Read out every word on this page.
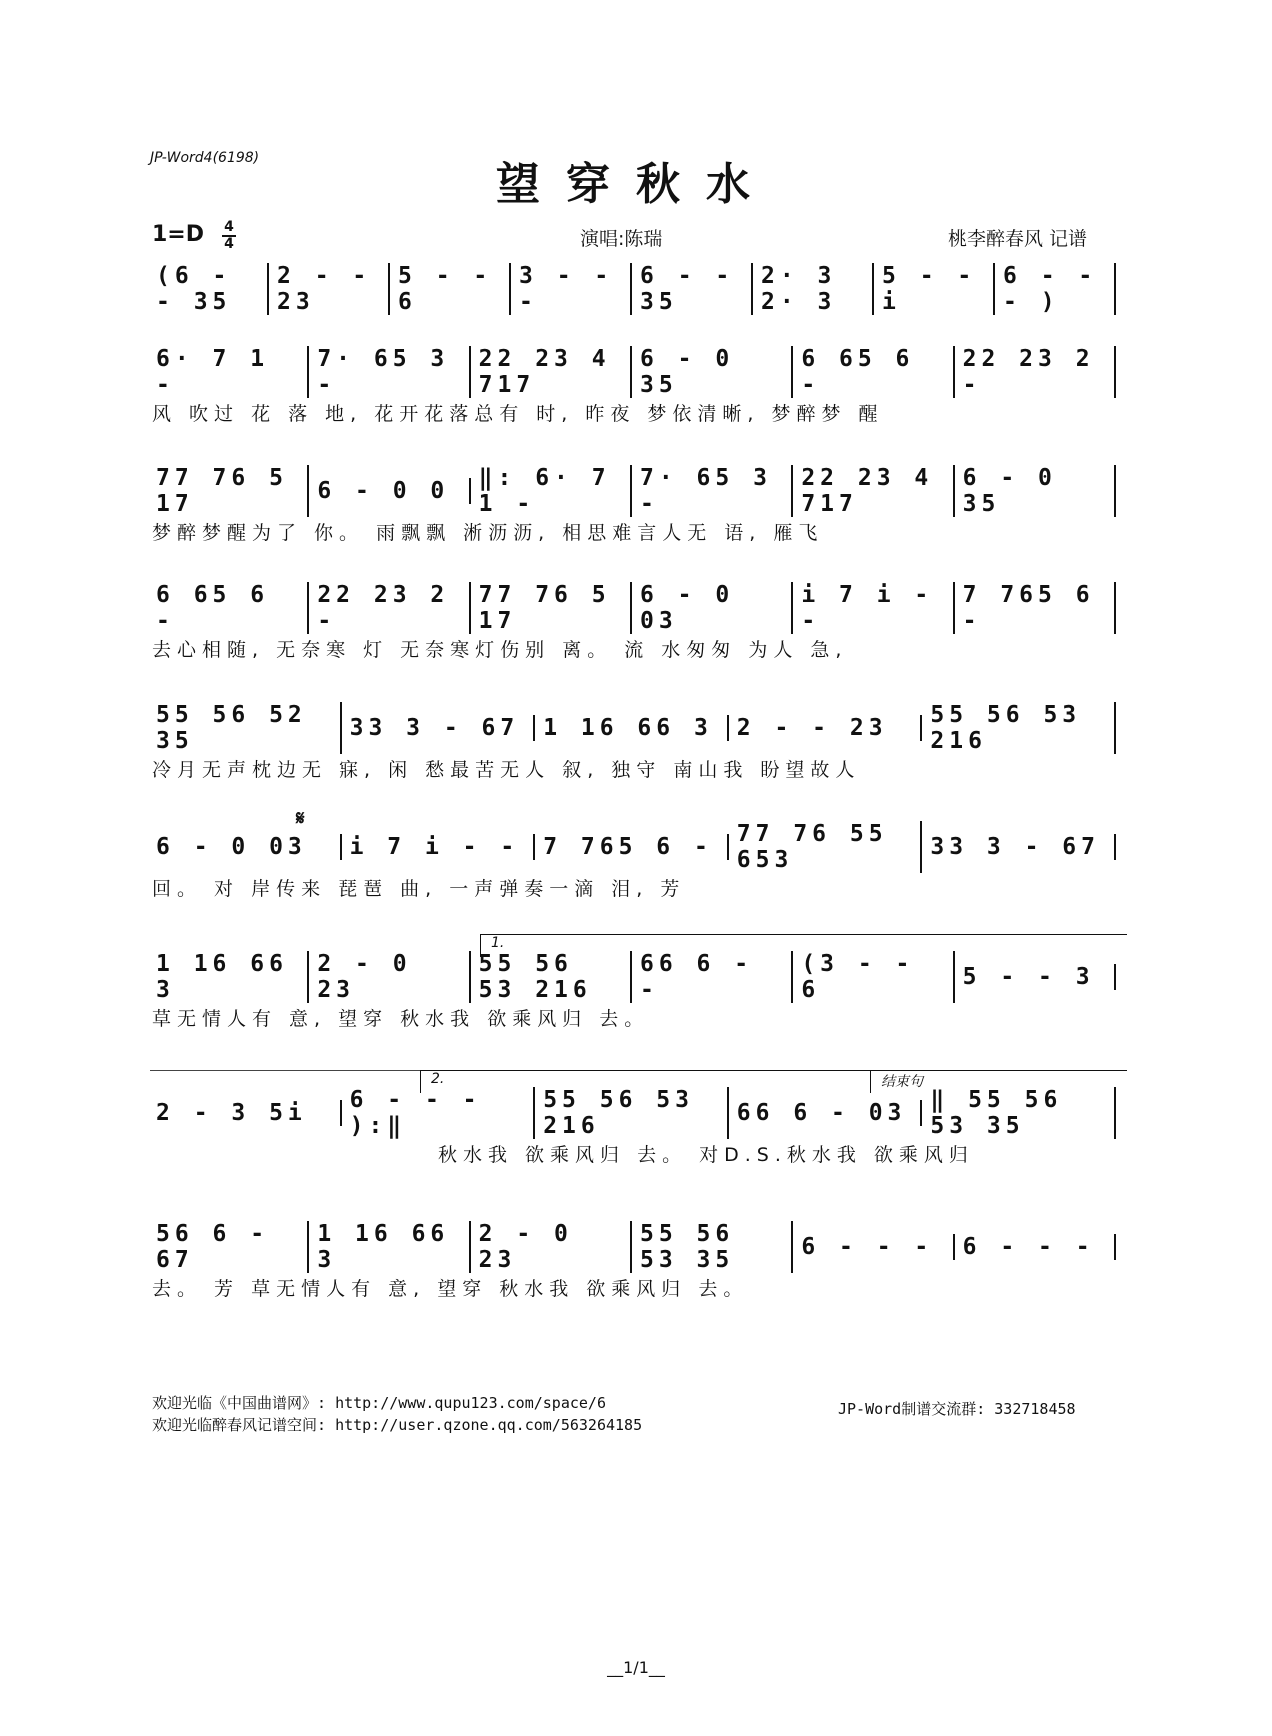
JP-Word4(6198)
望穿秋水
1=D 4
4	演唱:陈瑞	桃李醉春风 记谱
(6 - - 35
2 - - 23
5 - - 6
3 - - -
6 - - 35
2· 3 2· 3
5 - - i
6 - - - )
6· 7 1 -
7· 65 3 -
22 23 4 717
6 - 0 35
6 65 6 -
22 23 2 -
风 吹过 花 落 地, 花开花落总有 时, 昨夜 梦依清晰, 梦醉梦 醒
77 76 5 17	6 - 0 0	‖: 6· 7 1 -
7· 65 3 -
22 23 4 717
6 - 0 35
梦醉梦醒为了 你。 雨飘飘 淅沥沥, 相思难言人无 语, 雁飞
6 65 6 -
22 23 2 -
77 76 5 17
6 - 0 03
i 7 i - -
7 765 6 -
去心相随, 无奈寒 灯 无奈寒灯伤别 离。 流 水匆匆 为人 急,
55 56 52 35	33 3 - 67	1 16 66 3	2 - - 23	55 56 53 216
冷月无声枕边无 寐, 闲 愁最苦无人 叙, 独守 南山我 盼望故人
𝄋
6 - 0 03	i 7 i - -	7 765 6 -	77 76 55 653	33 3 - 67
回。 对 岸传来 琵琶 曲, 一声弹奏一滴 泪, 芳
1.
1 16 66 3
2 - 0 23
55 56 53 216
66 6 - -
(3 - - 6	5 - - 3
草无情人有 意, 望穿 秋水我 欲乘风归 去。
2.	结束句
2 - 3 5i	6 - - - ):‖
55 56 53 216	66 6 - 03	‖ 55 56 53 35
秋水我 欲乘风归 去。 对D.S.秋水我 欲乘风归
56 6 - 67
1 16 66 3
2 - 0 23
55 56 53 35	6 - - -	6 - - -
去。 芳 草无情人有 意, 望穿 秋水我 欲乘风归 去。
欢迎光临《中国曲谱网》: http://www.qupu123.com/space/6
欢迎光临醉春风记谱空间: http://user.qzone.qq.com/563264185
JP-Word制谱交流群: 332718458
__1/1__
